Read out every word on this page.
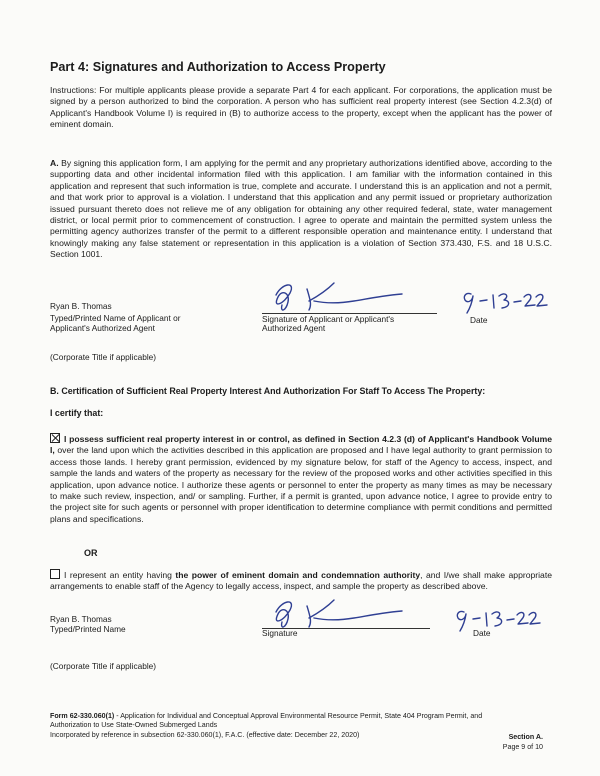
Part 4: Signatures and Authorization to Access Property
Instructions: For multiple applicants please provide a separate Part 4 for each applicant. For corporations, the application must be signed by a person authorized to bind the corporation. A person who has sufficient real property interest (see Section 4.2.3(d) of Applicant's Handbook Volume I) is required in (B) to authorize access to the property, except when the applicant has the power of eminent domain.
A. By signing this application form, I am applying for the permit and any proprietary authorizations identified above, according to the supporting data and other incidental information filed with this application. I am familiar with the information contained in this application and represent that such information is true, complete and accurate. I understand this is an application and not a permit, and that work prior to approval is a violation. I understand that this application and any permit issued or proprietary authorization issued pursuant thereto does not relieve me of any obligation for obtaining any other required federal, state, water management district, or local permit prior to commencement of construction. I agree to operate and maintain the permitted system unless the permitting agency authorizes transfer of the permit to a different responsible operation and maintenance entity. I understand that knowingly making any false statement or representation in this application is a violation of Section 373.430, F.S. and 18 U.S.C. Section 1001.
Ryan B. Thomas
Typed/Printed Name of Applicant or
Applicant's Authorized Agent
Signature of Applicant or Applicant's
Authorized Agent
Date
(Corporate Title if applicable)
B. Certification of Sufficient Real Property Interest And Authorization For Staff To Access The Property:
I certify that:
I possess sufficient real property interest in or control, as defined in Section 4.2.3 (d) of Applicant's Handbook Volume I, over the land upon which the activities described in this application are proposed and I have legal authority to grant permission to access those lands. I hereby grant permission, evidenced by my signature below, for staff of the Agency to access, inspect, and sample the lands and waters of the property as necessary for the review of the proposed works and other activities specified in this application, upon advance notice. I authorize these agents or personnel to enter the property as many times as may be necessary to make such review, inspection, and/ or sampling. Further, if a permit is granted, upon advance notice, I agree to provide entry to the project site for such agents or personnel with proper identification to determine compliance with permit conditions and permitted plans and specifications.
OR
I represent an entity having the power of eminent domain and condemnation authority, and I/we shall make appropriate arrangements to enable staff of the Agency to legally access, inspect, and sample the property as described above.
Ryan B. Thomas
Typed/Printed Name	Signature	Date
(Corporate Title if applicable)
Form 62-330.060(1) - Application for Individual and Conceptual Approval Environmental Resource Permit, State 404 Program Permit, and
Authorization to Use State-Owned Submerged Lands
Incorporated by reference in subsection 62-330.060(1), F.A.C. (effective date: December 22, 2020)	Section A.
Page 9 of 10
